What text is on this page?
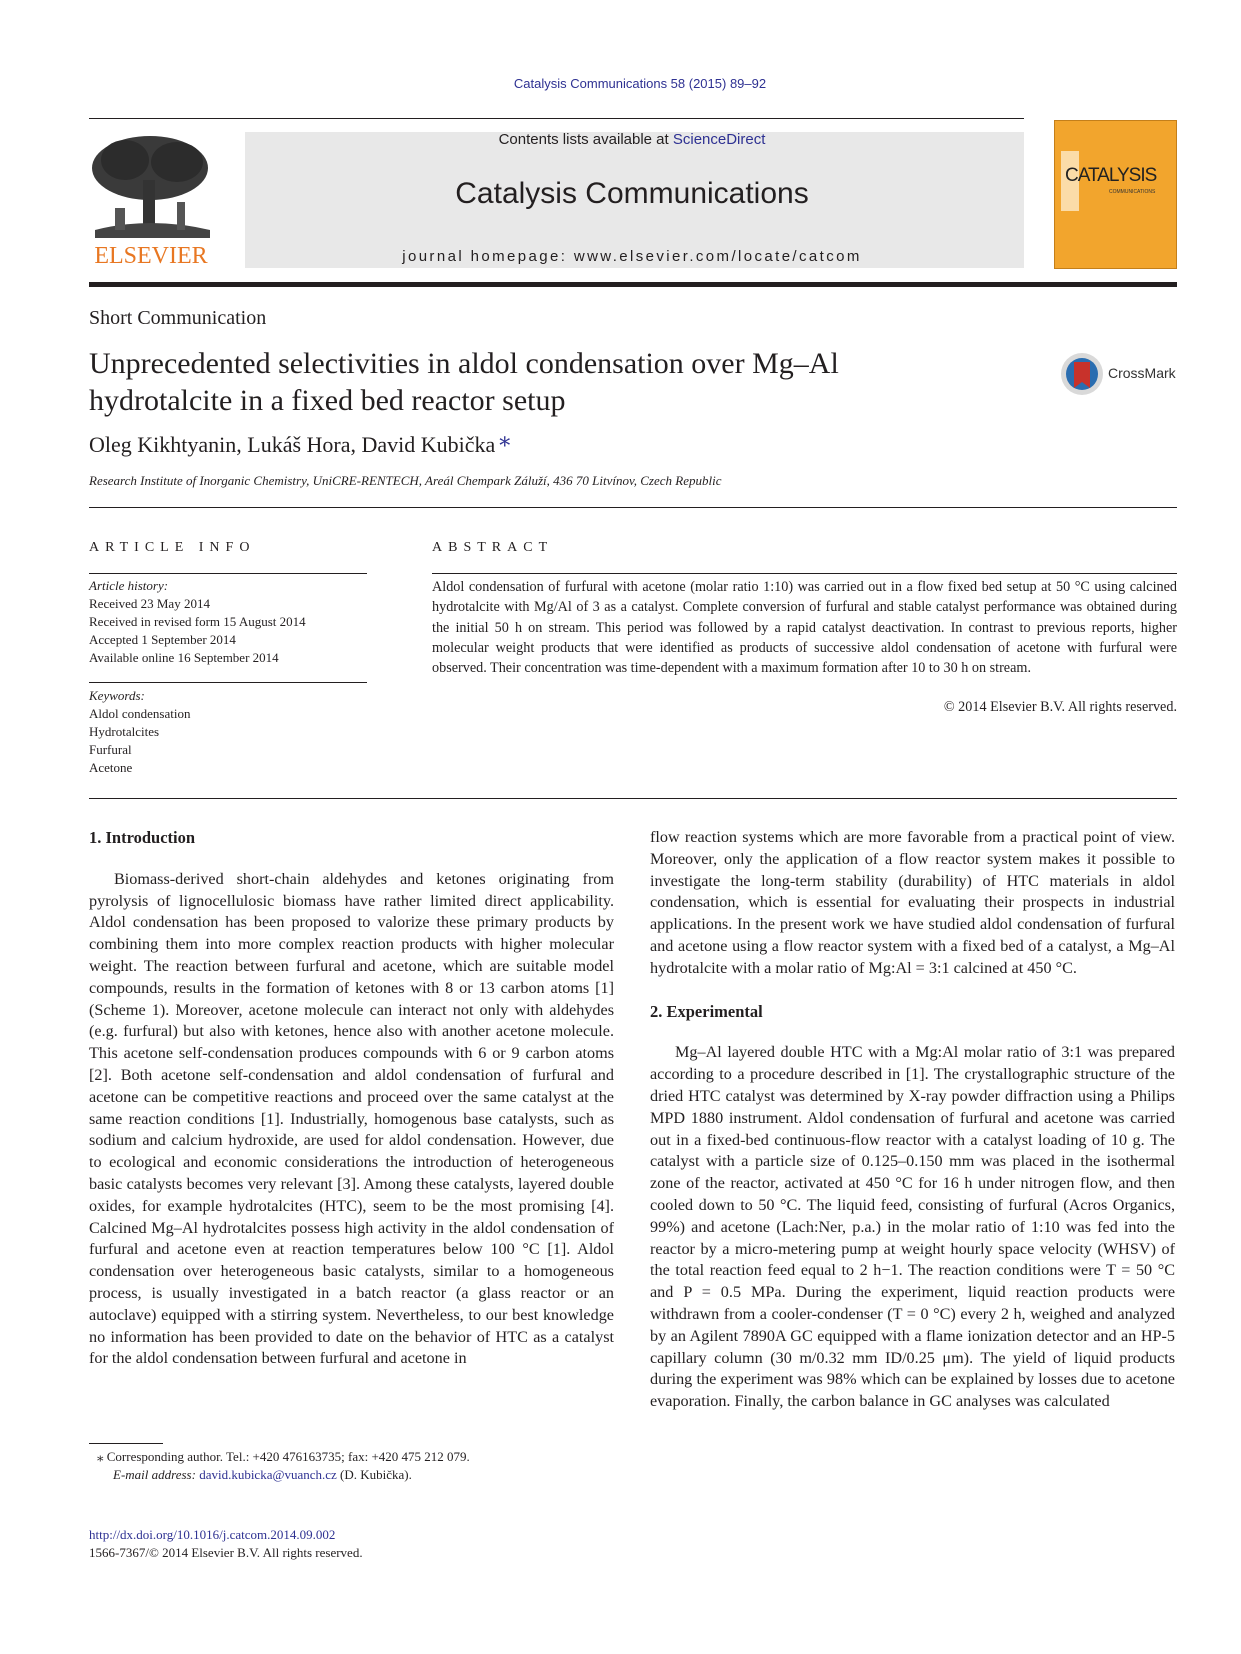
Catalysis Communications 58 (2015) 89–92
ELSEVIER
Contents lists available at ScienceDirect
Catalysis Communications
journal homepage: www.elsevier.com/locate/catcom
CATALYSIS
COMMUNICATIONS
Short Communication
Unprecedented selectivities in aldol condensation over Mg–Al hydrotalcite in a fixed bed reactor setup
CrossMark
Oleg Kikhtyanin, Lukáš Hora, David Kubička ⁎
Research Institute of Inorganic Chemistry, UniCRE-RENTECH, Areál Chempark Záluží, 436 70 Litvínov, Czech Republic
ARTICLE INFO	ABSTRACT
Article history:
Received 23 May 2014
Received in revised form 15 August 2014
Accepted 1 September 2014
Available online 16 September 2014
Keywords:
Aldol condensation
Hydrotalcites
Furfural
Acetone
Aldol condensation of furfural with acetone (molar ratio 1:10) was carried out in a flow fixed bed setup at 50 °C using calcined hydrotalcite with Mg/Al of 3 as a catalyst. Complete conversion of furfural and stable catalyst performance was obtained during the initial 50 h on stream. This period was followed by a rapid catalyst deactivation. In contrast to previous reports, higher molecular weight products that were identified as products of successive aldol condensation of acetone with furfural were observed. Their concentration was time-dependent with a maximum formation after 10 to 30 h on stream.
© 2014 Elsevier B.V. All rights reserved.
1. Introduction

Biomass-derived short-chain aldehydes and ketones originating from pyrolysis of lignocellulosic biomass have rather limited direct applicability. Aldol condensation has been proposed to valorize these primary products by combining them into more complex reaction products with higher molecular weight. The reaction between furfural and acetone, which are suitable model compounds, results in the formation of ketones with 8 or 13 carbon atoms [1] (Scheme 1). Moreover, acetone molecule can interact not only with aldehydes (e.g. furfural) but also with ketones, hence also with another acetone molecule. This acetone self-condensation produces compounds with 6 or 9 carbon atoms [2]. Both acetone self-condensation and aldol condensation of furfural and acetone can be competitive reactions and proceed over the same catalyst at the same reaction conditions [1]. Industrially, homogenous base catalysts, such as sodium and calcium hydroxide, are used for aldol condensation. However, due to ecological and economic considerations the introduction of heterogeneous basic catalysts becomes very relevant [3]. Among these catalysts, layered double oxides, for example hydrotalcites (HTC), seem to be the most promising [4]. Calcined Mg–Al hydrotalcites possess high activity in the aldol condensation of furfural and acetone even at reaction temperatures below 100 °C [1]. Aldol condensation over heterogeneous basic catalysts, similar to a homogeneous process, is usually investigated in a batch reactor (a glass reactor or an autoclave) equipped with a stirring system. Nevertheless, to our best knowledge no information has been provided to date on the behavior of HTC as a catalyst for the aldol condensation between furfural and acetone in

flow reaction systems which are more favorable from a practical point of view. Moreover, only the application of a flow reactor system makes it possible to investigate the long-term stability (durability) of HTC materials in aldol condensation, which is essential for evaluating their prospects in industrial applications. In the present work we have studied aldol condensation of furfural and acetone using a flow reactor system with a fixed bed of a catalyst, a Mg–Al hydrotalcite with a molar ratio of Mg:Al = 3:1 calcined at 450 °C.

2. Experimental

Mg–Al layered double HTC with a Mg:Al molar ratio of 3:1 was prepared according to a procedure described in [1]. The crystallographic structure of the dried HTC catalyst was determined by X-ray powder diffraction using a Philips MPD 1880 instrument. Aldol condensation of furfural and acetone was carried out in a fixed-bed continuous-flow reactor with a catalyst loading of 10 g. The catalyst with a particle size of 0.125–0.150 mm was placed in the isothermal zone of the reactor, activated at 450 °C for 16 h under nitrogen flow, and then cooled down to 50 °C. The liquid feed, consisting of furfural (Acros Organics, 99%) and acetone (Lach:Ner, p.a.) in the molar ratio of 1:10 was fed into the reactor by a micro-metering pump at weight hourly space velocity (WHSV) of the total reaction feed equal to 2 h−1. The reaction conditions were T = 50 °C and P = 0.5 MPa. During the experiment, liquid reaction products were withdrawn from a cooler-condenser (T = 0 °C) every 2 h, weighed and analyzed by an Agilent 7890A GC equipped with a flame ionization detector and an HP-5 capillary column (30 m/0.32 mm ID/0.25 μm). The yield of liquid products during the experiment was 98% which can be explained by losses due to acetone evaporation. Finally, the carbon balance in GC analyses was calculated

⁎ Corresponding author. Tel.: +420 476163735; fax: +420 475 212 079.
E-mail address: david.kubicka@vuanch.cz (D. Kubička).
http://dx.doi.org/10.1016/j.catcom.2014.09.002
1566-7367/© 2014 Elsevier B.V. All rights reserved.
